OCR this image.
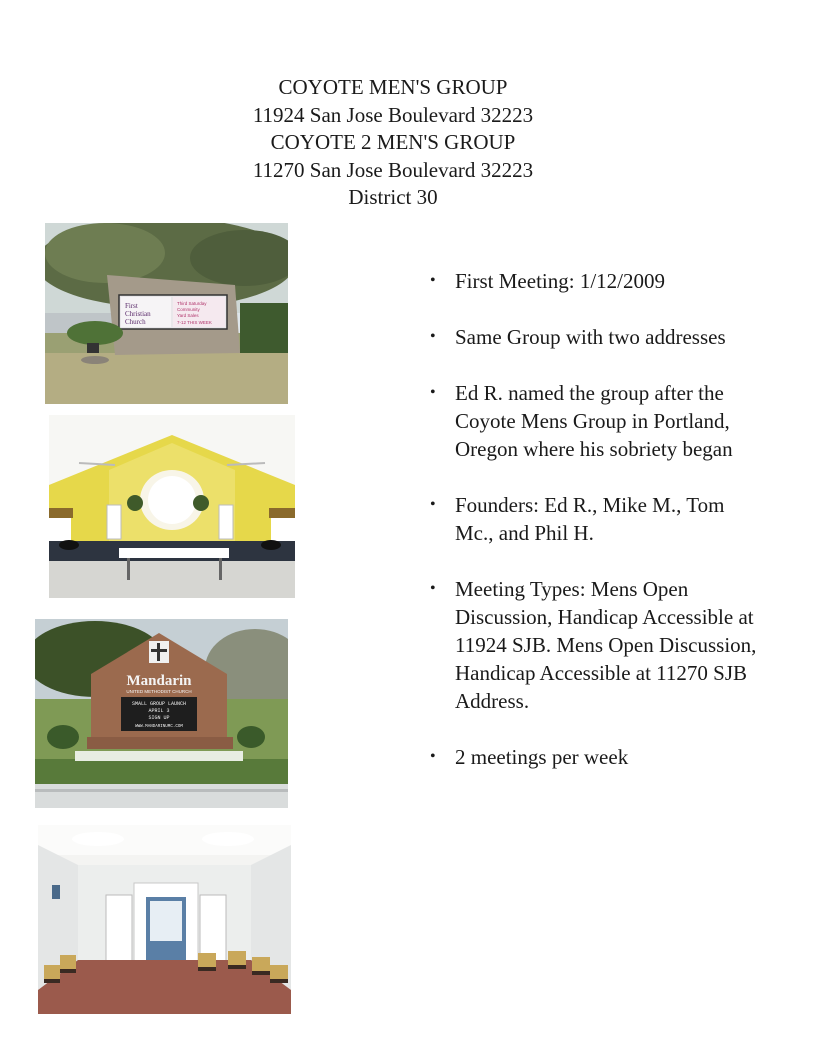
COYOTE MEN'S GROUP
11924 San Jose Boulevard 32223
COYOTE 2 MEN'S GROUP
11270 San Jose Boulevard 32223
District 30
First
Christian
Church
Third Saturday
Community
Yard Sales
7-12 THIS WEEK
Mandarin
UNITED METHODIST CHURCH
SMALL GROUP LAUNCH
APRIL 3
SIGN UP
WWW.MANDARINUMC.COM
• First Meeting: 1/12/2009
• Same Group with two addresses
• Ed R. named the group after the Coyote Mens Group in Portland, Oregon where his sobriety began
• Founders: Ed R., Mike M., Tom Mc., and Phil H.
• Meeting Types: Mens Open Discussion, Handicap Accessible at 11924 SJB. Mens Open Discussion, Handicap Accessible at 11270 SJB Address.
• 2 meetings per week
